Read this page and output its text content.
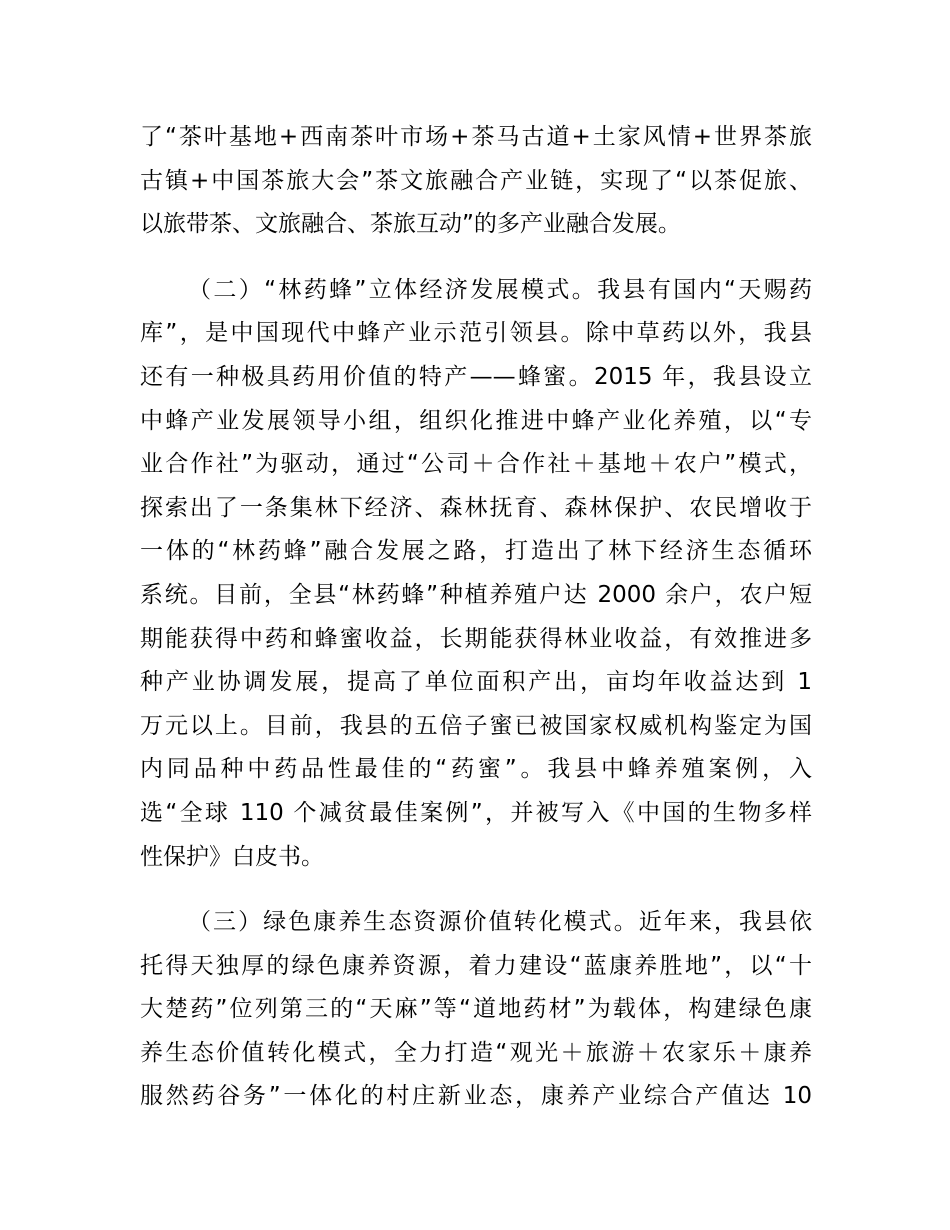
了“茶叶基地+西南茶叶市场+茶马古道+土家风情+世界茶旅
古镇+中国茶旅大会”茶文旅融合产业链，实现了“以茶促旅、
以旅带茶、文旅融合、茶旅互动”的多产业融合发展。
（二）“林药蜂”立体经济发展模式。我县有国内“天赐药
库”，是中国现代中蜂产业示范引领县。除中草药以外，我县
还有一种极具药用价值的特产——蜂蜜。2015 年，我县设立
中蜂产业发展领导小组，组织化推进中蜂产业化养殖，以“专
业合作社”为驱动，通过“公司＋合作社＋基地＋农户”模式，
探索出了一条集林下经济、森林抚育、森林保护、农民增收于
一体的“林药蜂”融合发展之路，打造出了林下经济生态循环
系统。目前，全县“林药蜂”种植养殖户达 2000 余户，农户短
期能获得中药和蜂蜜收益，长期能获得林业收益，有效推进多
种产业协调发展，提高了单位面积产出，亩均年收益达到 1
万元以上。目前，我县的五倍子蜜已被国家权威机构鉴定为国
内同品种中药品性最佳的“药蜜”。我县中蜂养殖案例，入
选“全球 110 个减贫最佳案例”，并被写入《中国的生物多样
性保护》白皮书。
（三）绿色康养生态资源价值转化模式。近年来，我县依
托得天独厚的绿色康养资源，着力建设“蓝康养胜地”，以“十
大楚药”位列第三的“天麻”等“道地药材”为载体，构建绿色康
养生态价值转化模式，全力打造“观光＋旅游＋农家乐＋康养
服然药谷务”一体化的村庄新业态，康养产业综合产值达 10
